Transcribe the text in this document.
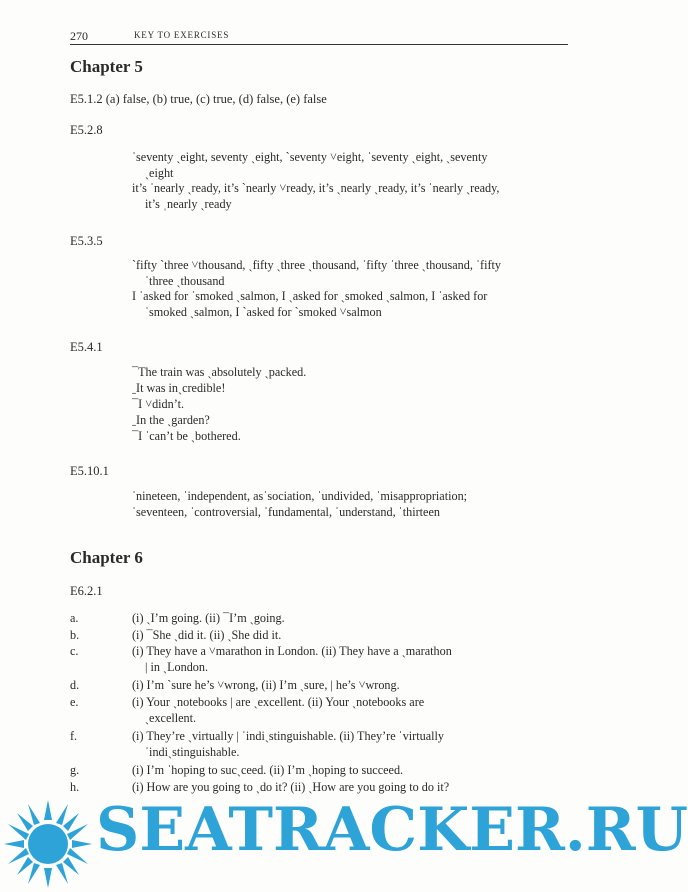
270	KEY TO EXERCISES
Chapter 5
E5.1.2 (a) false, (b) true, (c) true, (d) false, (e) false
E5.2.8
ˈseventy ˎeight, seventy ˏeight, ˋseventy ˅eight, ˈseventy ˏeight, ˏseventy
ˎeight
it’s ˈnearly ˏready, it’s ˋnearly ˅ready, it’s ˏnearly ˎready, it’s ˈnearly ˎready,
it’s ˌnearly ˏready
E5.3.5
ˋfifty ˋthree ˅thousand, ˏfifty ˏthree ˎthousand, ˈfifty ˈthree ˎthousand, ˈfifty
ˈthree ˏthousand
I ˈasked for ˈsmoked ˎsalmon, I ˏasked for ˏsmoked ˎsalmon, I ˈasked for
ˈsmoked ˏsalmon, I ˋasked for ˋsmoked ˅salmon
E5.4.1
¯The train was ˏabsolutely ˎpacked.
ˍIt was inˎcredible!
¯I ˅didn’t.
ˍIn the ˏgarden?
¯I ˈcan’t be ˎbothered.
E5.10.1
ˈnineteen, ˈindependent, asˈsociation, ˈundivided, ˈmisappropriation;
ˈseventeen, ˈcontroversial, ˈfundamental, ˈunderstand, ˈthirteen
Chapter 6
E6.2.1
a.	(i) ˎI’m going. (ii) ¯I’m ˎgoing.
b.	(i) ¯She ˎdid it. (ii) ˎShe did it.
c.	(i) They have a ˅marathon in London. (ii) They have a ˎmarathon
| in ˏLondon.
d.	(i) I’m ˋsure he’s ˅wrong, (ii) I’m ˎsure, | he’s ˅wrong.
e.	(i) Your ˏnotebooks | are ˎexcellent. (ii) Your ˏnotebooks are
ˎexcellent.
f.	(i) They’re ˏvirtually | ˈindiˎstinguishable. (ii) They’re ˈvirtually
ˈindiˎstinguishable.
g.	(i) I’m ˈhoping to sucˎceed. (ii) I’m ˎhoping to succeed.
h.	(i) How are you going to ˏdo it? (ii) ˏHow are you going to do it?
SEATRACKER.RU
